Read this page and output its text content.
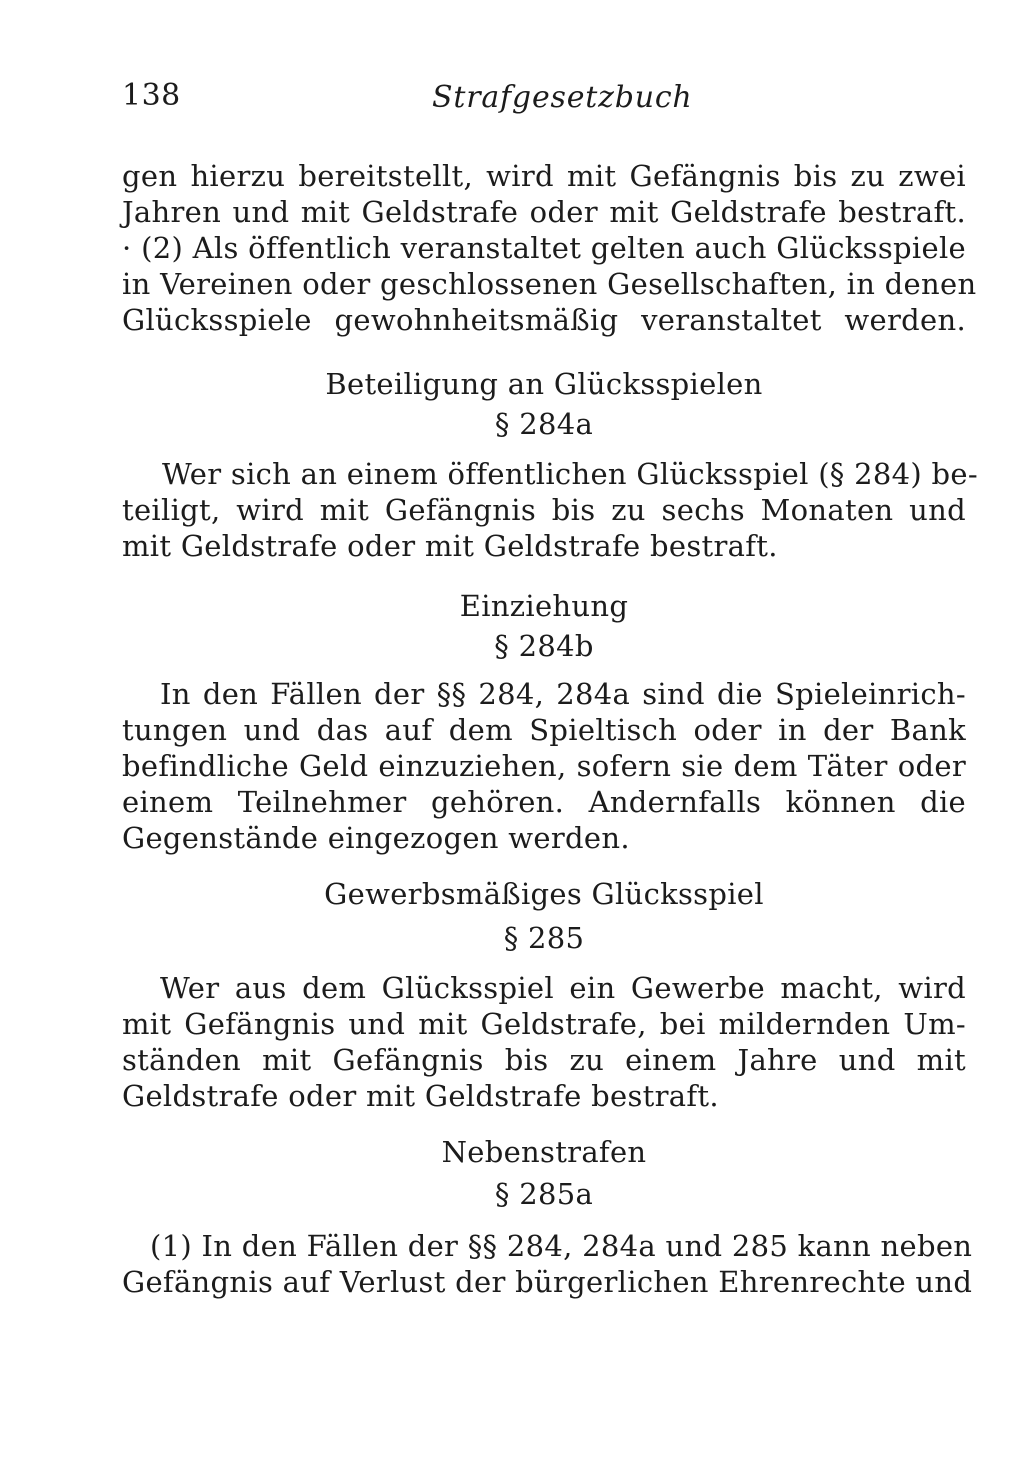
138	Strafgesetzbuch
gen hierzu bereitstellt, wird mit Gefängnis bis zu zwei
Jahren und mit Geldstrafe oder mit Geldstrafe bestraft.
· (2) Als öffentlich veranstaltet gelten auch Glücksspiele
in Vereinen oder geschlossenen Gesellschaften, in denen
Glücksspiele gewohnheitsmäßig veranstaltet werden.
Beteiligung an Glücksspielen
§ 284a
Wer sich an einem öffentlichen Glücksspiel (§ 284) be-
teiligt, wird mit Gefängnis bis zu sechs Monaten und
mit Geldstrafe oder mit Geldstrafe bestraft.
Einziehung
§ 284b
In den Fällen der §§ 284, 284a sind die Spieleinrich-
tungen und das auf dem Spieltisch oder in der Bank
befindliche Geld einzuziehen, sofern sie dem Täter oder
einem Teilnehmer gehören. Andernfalls können die
Gegenstände eingezogen werden.
Gewerbsmäßiges Glücksspiel
§ 285
Wer aus dem Glücksspiel ein Gewerbe macht, wird
mit Gefängnis und mit Geldstrafe, bei mildernden Um-
ständen mit Gefängnis bis zu einem Jahre und mit
Geldstrafe oder mit Geldstrafe bestraft.
Nebenstrafen
§ 285a
(1) In den Fällen der §§ 284, 284a und 285 kann neben
Gefängnis auf Verlust der bürgerlichen Ehrenrechte und
